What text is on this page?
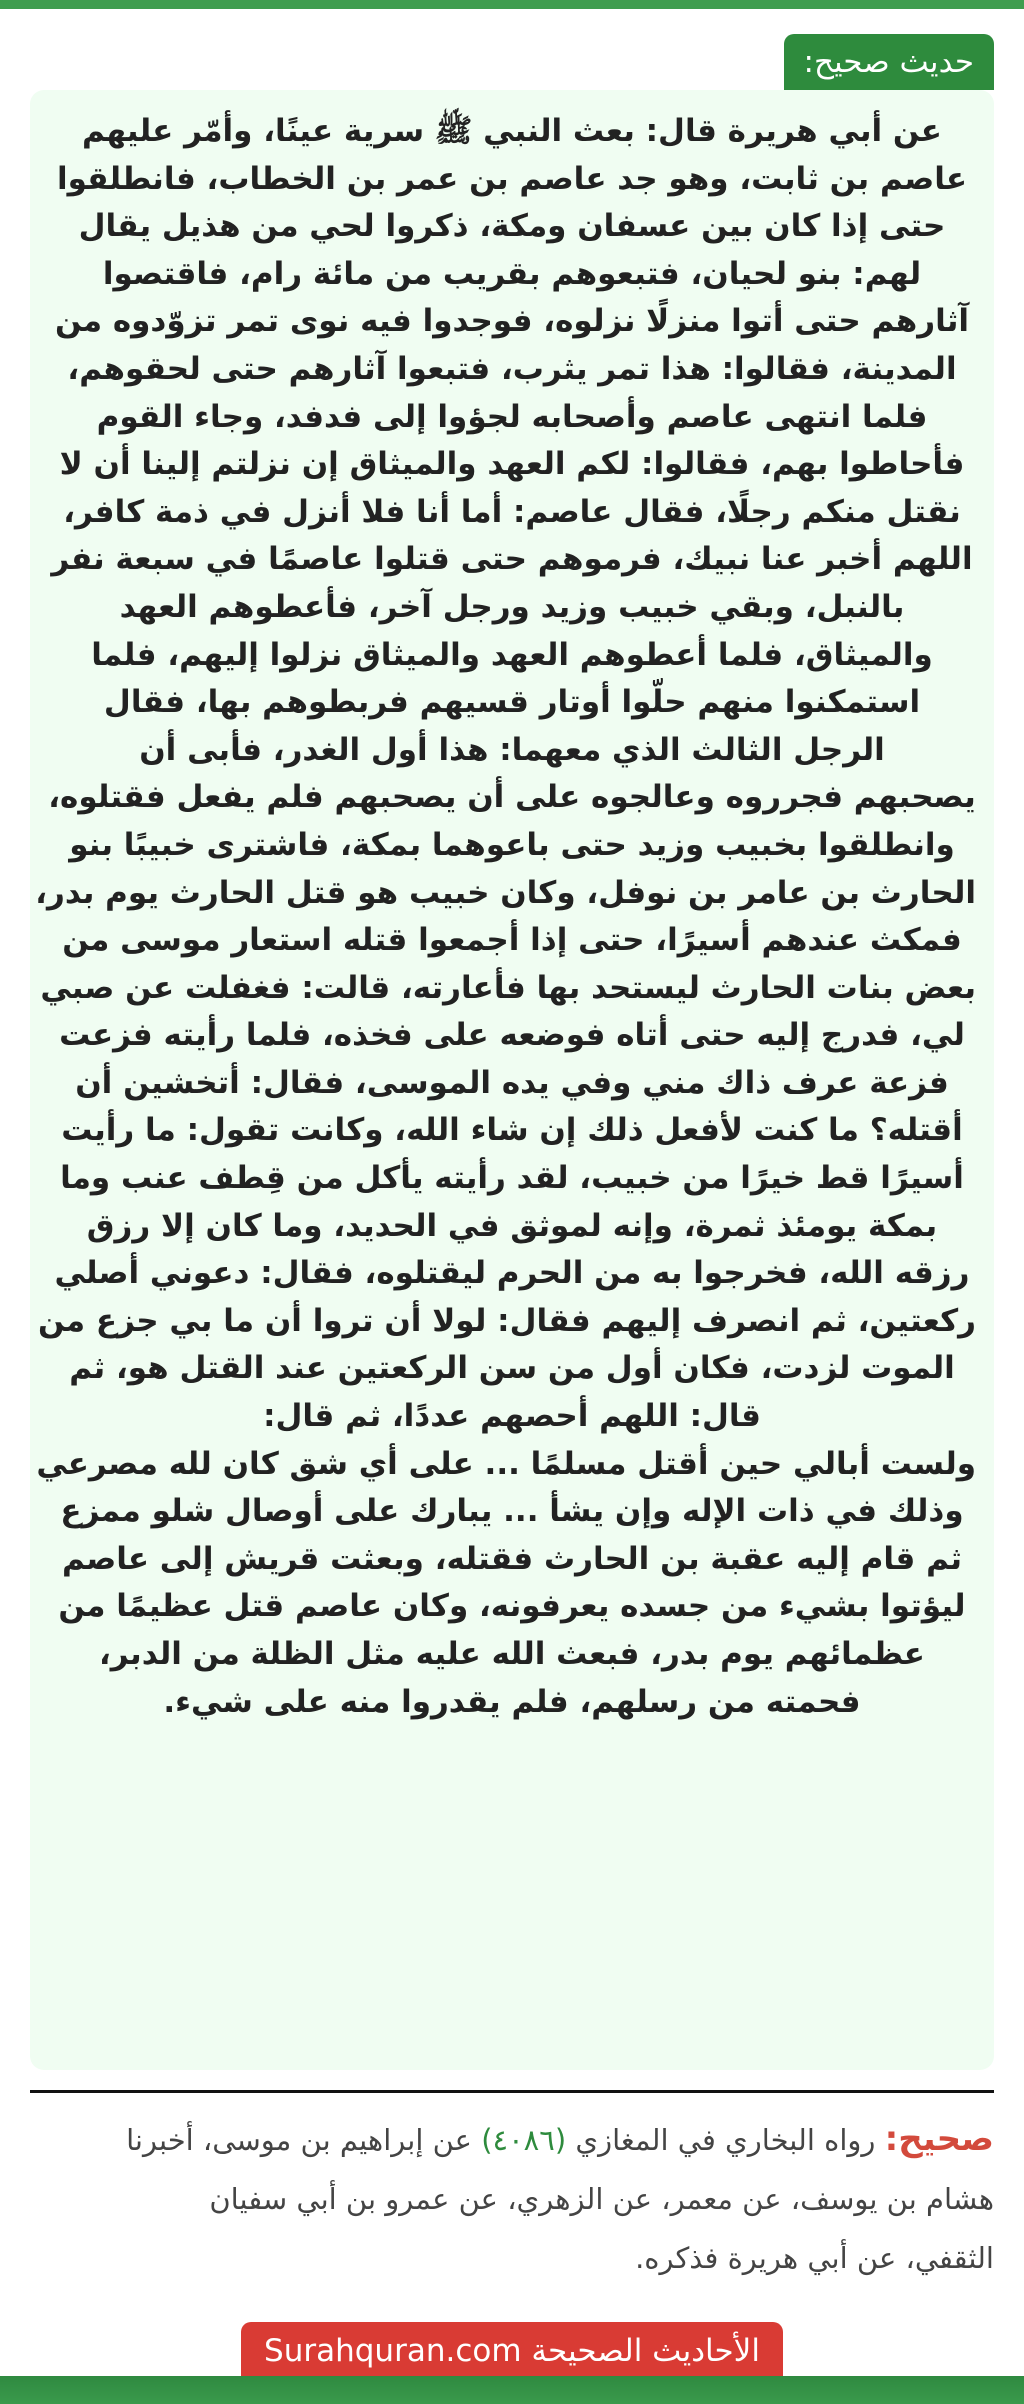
حديث صحيح:

عن أبي هريرة قال: بعث النبي ﷺ سرية عينًا، وأمّر عليهم
عاصم بن ثابت، وهو جد عاصم بن عمر بن الخطاب، فانطلقوا
حتى إذا كان بين عسفان ومكة، ذكروا لحي من هذيل يقال
لهم: بنو لحيان، فتبعوهم بقريب من مائة رام، فاقتصوا
آثارهم حتى أتوا منزلًا نزلوه، فوجدوا فيه نوى تمر تزوّدوه من
المدينة، فقالوا: هذا تمر يثرب، فتبعوا آثارهم حتى لحقوهم،
فلما انتهى عاصم وأصحابه لجؤوا إلى فدفد، وجاء القوم
فأحاطوا بهم، فقالوا: لكم العهد والميثاق إن نزلتم إلينا أن لا
نقتل منكم رجلًا، فقال عاصم: أما أنا فلا أنزل في ذمة كافر،
اللهم أخبر عنا نبيك، فرموهم حتى قتلوا عاصمًا في سبعة نفر
بالنبل، وبقي خبيب وزيد ورجل آخر، فأعطوهم العهد
والميثاق، فلما أعطوهم العهد والميثاق نزلوا إليهم، فلما
استمكنوا منهم حلّوا أوتار قسيهم فربطوهم بها، فقال
الرجل الثالث الذي معهما: هذا أول الغدر، فأبى أن
يصحبهم فجرروه وعالجوه على أن يصحبهم فلم يفعل فقتلوه،
وانطلقوا بخبيب وزيد حتى باعوهما بمكة، فاشترى خبيبًا بنو
الحارث بن عامر بن نوفل، وكان خبيب هو قتل الحارث يوم بدر،
فمكث عندهم أسيرًا، حتى إذا أجمعوا قتله استعار موسى من
بعض بنات الحارث ليستحد بها فأعارته، قالت: فغفلت عن صبي
لي، فدرج إليه حتى أتاه فوضعه على فخذه، فلما رأيته فزعت
فزعة عرف ذاك مني وفي يده الموسى، فقال: أتخشين أن
أقتله؟ ما كنت لأفعل ذلك إن شاء الله، وكانت تقول: ما رأيت
أسيرًا قط خيرًا من خبيب، لقد رأيته يأكل من قِطف عنب وما
بمكة يومئذ ثمرة، وإنه لموثق في الحديد، وما كان إلا رزق
رزقه الله، فخرجوا به من الحرم ليقتلوه، فقال: دعوني أصلي
ركعتين، ثم انصرف إليهم فقال: لولا أن تروا أن ما بي جزع من
الموت لزدت، فكان أول من سن الركعتين عند القتل هو، ثم
قال: اللهم أحصهم عددًا، ثم قال:
ولست أبالي حين أقتل مسلمًا ... على أي شق كان لله مصرعي
وذلك في ذات الإله وإن يشأ ... يبارك على أوصال شلو ممزع
ثم قام إليه عقبة بن الحارث فقتله، وبعثت قريش إلى عاصم
ليؤتوا بشيء من جسده يعرفونه، وكان عاصم قتل عظيمًا من
عظمائهم يوم بدر، فبعث الله عليه مثل الظلة من الدبر،
فحمته من رسلهم، فلم يقدروا منه على شيء.

صحيح: رواه البخاري في المغازي (٤٠٨٦) عن إبراهيم بن موسى، أخبرنا
هشام بن يوسف، عن معمر، عن الزهري، عن عمرو بن أبي سفيان
الثقفي، عن أبي هريرة فذكره.
الأحاديث الصحيحة Surahquran.com
